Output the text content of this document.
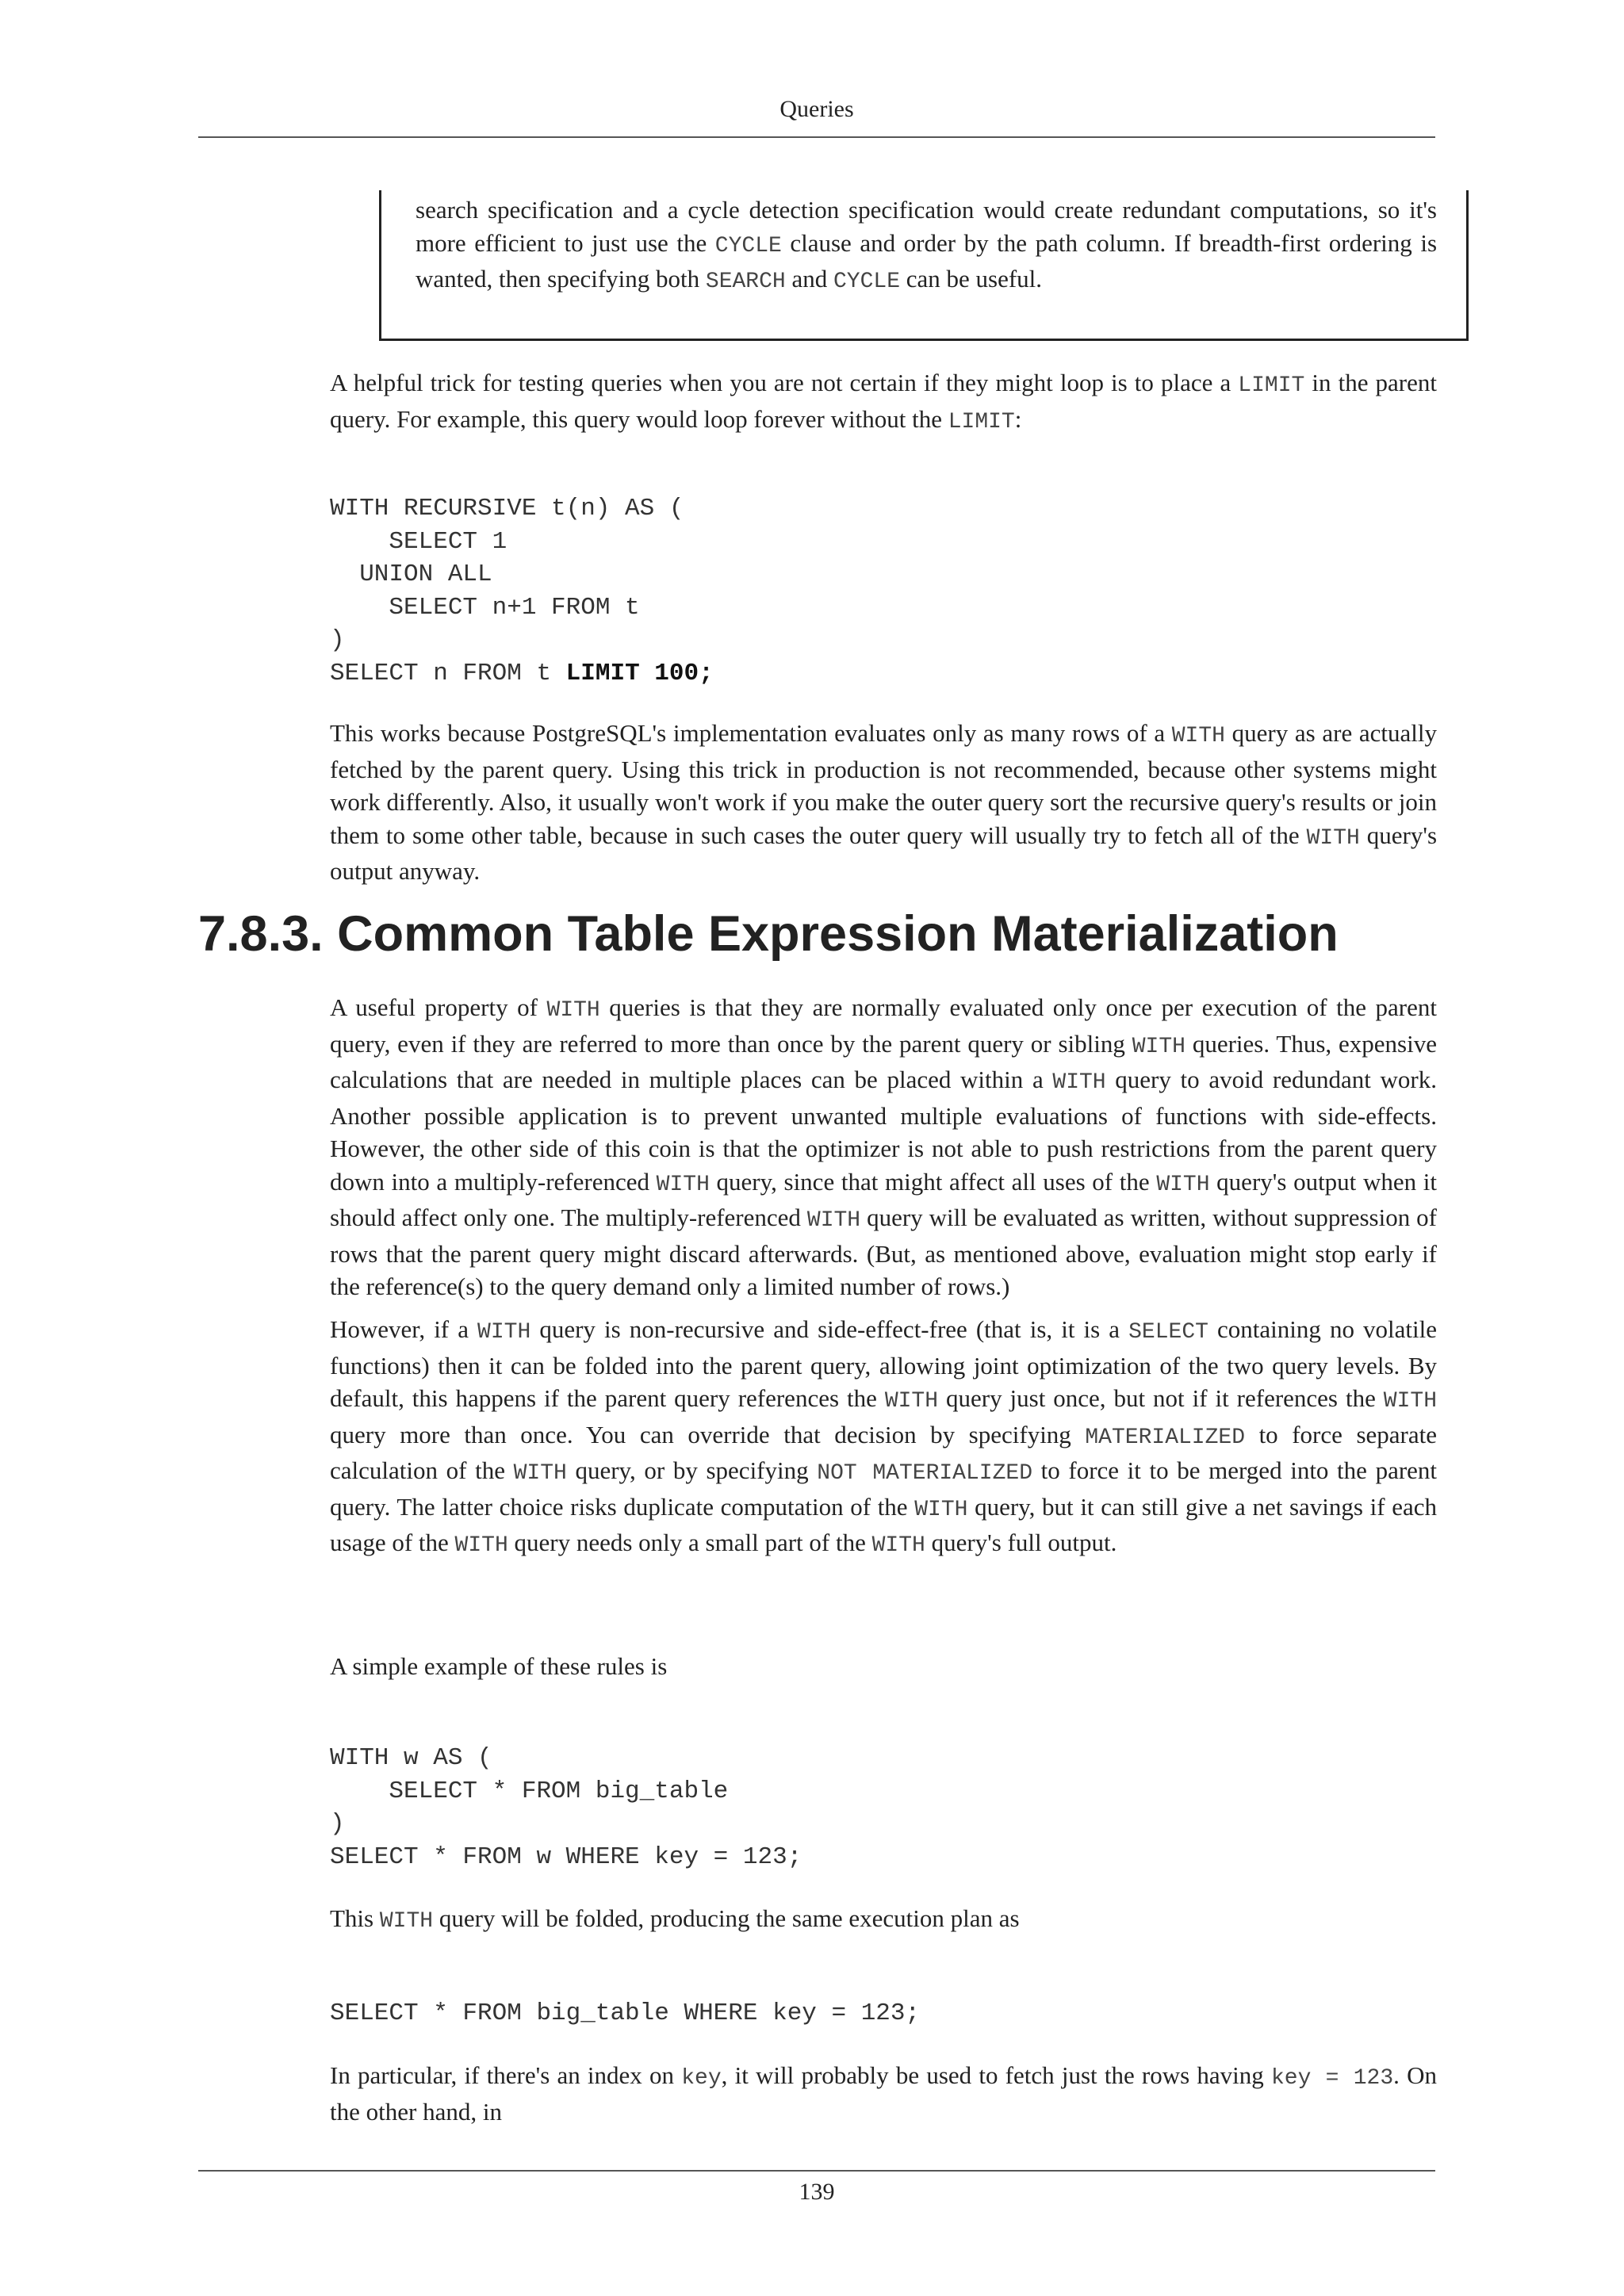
Queries

search specification and a cycle detection specification would create redundant computations, so it's more efficient to just use the CYCLE clause and order by the path column. If breadth-first ordering is wanted, then specifying both SEARCH and CYCLE can be useful.

A helpful trick for testing queries when you are not certain if they might loop is to place a LIMIT in the parent query. For example, this query would loop forever without the LIMIT:

WITH RECURSIVE t(n) AS (
SELECT 1
UNION ALL
SELECT n+1 FROM t
)
SELECT n FROM t LIMIT 100;

This works because PostgreSQL's implementation evaluates only as many rows of a WITH query as are actually fetched by the parent query. Using this trick in production is not recommended, because other systems might work differently. Also, it usually won't work if you make the outer query sort the recursive query's results or join them to some other table, because in such cases the outer query will usually try to fetch all of the WITH query's output anyway.

7.8.3. Common Table Expression Materialization

A useful property of WITH queries is that they are normally evaluated only once per execution of the parent query, even if they are referred to more than once by the parent query or sibling WITH queries. Thus, expensive calculations that are needed in multiple places can be placed within a WITH query to avoid redundant work. Another possible application is to prevent unwanted multiple evaluations of functions with side-effects. However, the other side of this coin is that the optimizer is not able to push restrictions from the parent query down into a multiply-referenced WITH query, since that might affect all uses of the WITH query's output when it should affect only one. The multiply-referenced WITH query will be evaluated as written, without suppression of rows that the parent query might discard afterwards. (But, as mentioned above, evaluation might stop early if the reference(s) to the query demand only a limited number of rows.)

However, if a WITH query is non-recursive and side-effect-free (that is, it is a SELECT containing no volatile functions) then it can be folded into the parent query, allowing joint optimization of the two query levels. By default, this happens if the parent query references the WITH query just once, but not if it references the WITH query more than once. You can override that decision by specifying MATERIALIZED to force separate calculation of the WITH query, or by specifying NOT MATERIALIZED to force it to be merged into the parent query. The latter choice risks duplicate computation of the WITH query, but it can still give a net savings if each usage of the WITH query needs only a small part of the WITH query's full output.

A simple example of these rules is

WITH w AS (
SELECT * FROM big_table
)
SELECT * FROM w WHERE key = 123;

This WITH query will be folded, producing the same execution plan as

SELECT * FROM big_table WHERE key = 123;

In particular, if there's an index on key, it will probably be used to fetch just the rows having key = 123. On the other hand, in

139
